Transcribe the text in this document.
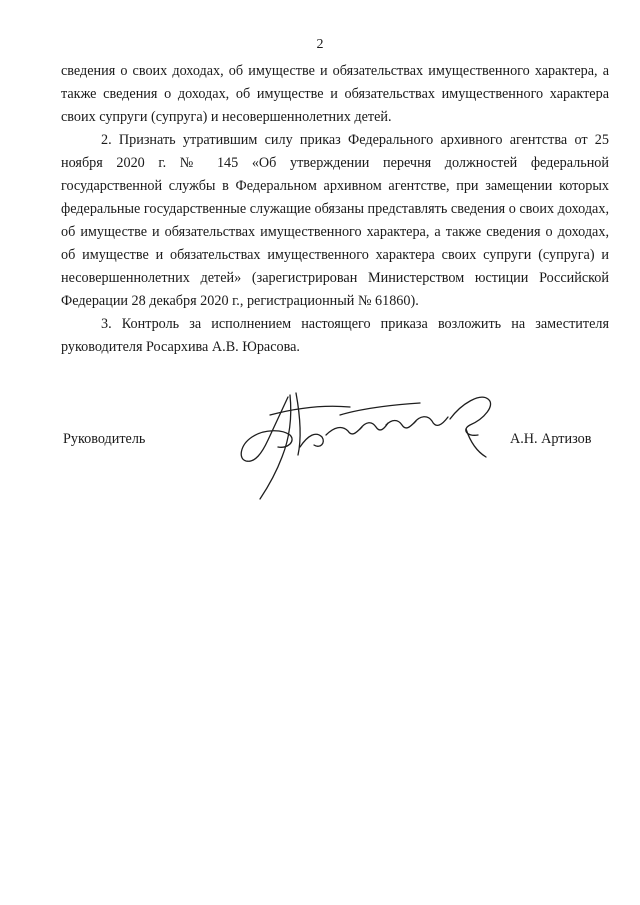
2

сведения о своих доходах, об имуществе и обязательствах имущественного характера, а также сведения о доходах, об имуществе и обязательствах имущественного характера своих супруги (супруга) и несовершеннолетних детей.

2. Признать утратившим силу приказ Федерального архивного агентства от 25 ноября 2020 г. № 145 «Об утверждении перечня должностей федеральной государственной службы в Федеральном архивном агентстве, при замещении которых федеральные государственные служащие обязаны представлять сведения о своих доходах, об имуществе и обязательствах имущественного характера, а также сведения о доходах, об имуществе и обязательствах имущественного характера своих супруги (супруга) и несовершеннолетних детей» (зарегистрирован Министерством юстиции Российской Федерации 28 декабря 2020 г., регистрационный № 61860).

3. Контроль за исполнением настоящего приказа возложить на заместителя руководителя Росархива А.В. Юрасова.

Руководитель	А.Н. Артизов
